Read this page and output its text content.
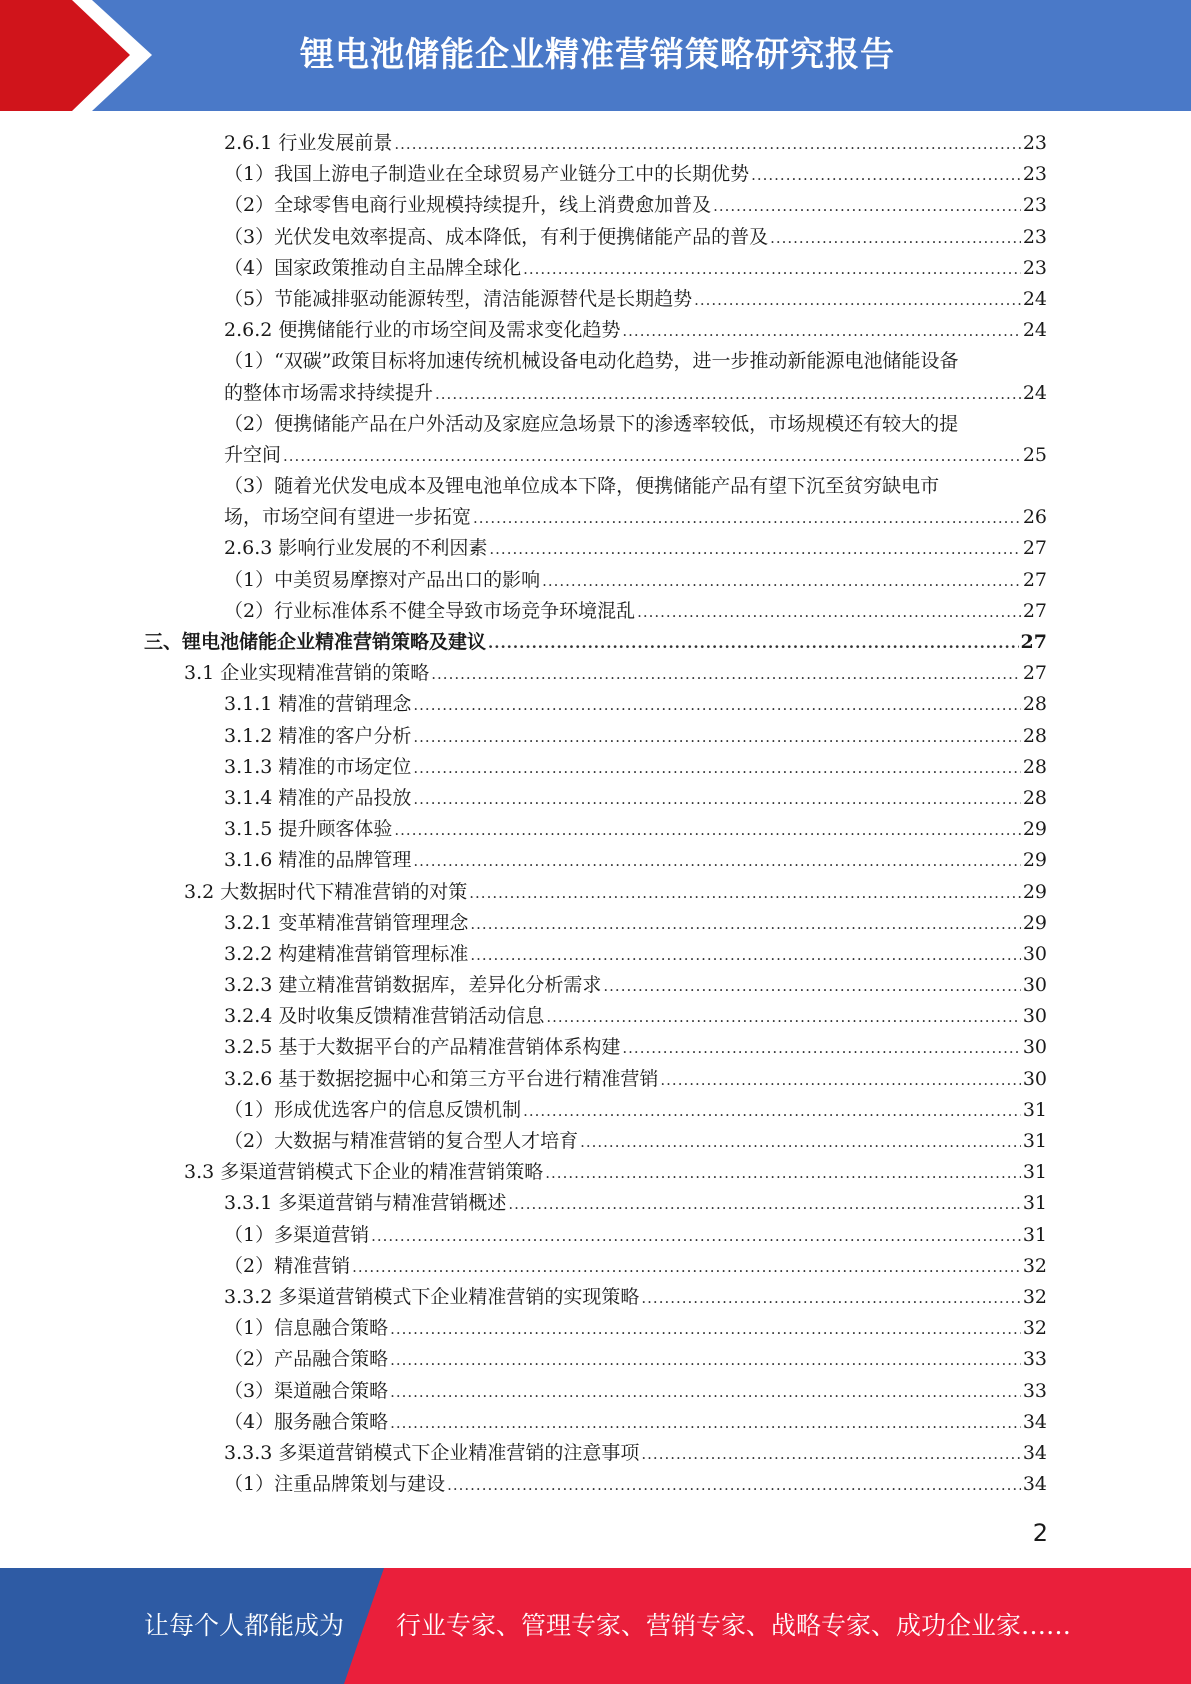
锂电池储能企业精准营销策略研究报告
2.6.1 行业发展前景 .....	23
（1）我国上游电子制造业在全球贸易产业链分工中的长期优势 .....	23
（2）全球零售电商行业规模持续提升，线上消费愈加普及 .....	23
（3）光伏发电效率提高、成本降低，有利于便携储能产品的普及 .....	23
（4）国家政策推动自主品牌全球化 .....	23
（5）节能减排驱动能源转型，清洁能源替代是长期趋势 .....	24
2.6.2 便携储能行业的市场空间及需求变化趋势 .....	24
（1）“双碳”政策目标将加速传统机械设备电动化趋势，进一步推动新能源电池储能设备
的整体市场需求持续提升 .....	24
（2）便携储能产品在户外活动及家庭应急场景下的渗透率较低，市场规模还有较大的提
升空间 .....	25
（3）随着光伏发电成本及锂电池单位成本下降，便携储能产品有望下沉至贫穷缺电市
场，市场空间有望进一步拓宽 .....	26
2.6.3 影响行业发展的不利因素 .....	27
（1）中美贸易摩擦对产品出口的影响 .....	27
（2）行业标准体系不健全导致市场竞争环境混乱 .....	27
三、锂电池储能企业精准营销策略及建议 .....	27
3.1 企业实现精准营销的策略 .....	27
3.1.1 精准的营销理念 .....	28
3.1.2 精准的客户分析 .....	28
3.1.3 精准的市场定位 .....	28
3.1.4 精准的产品投放 .....	28
3.1.5 提升顾客体验 .....	29
3.1.6 精准的品牌管理 .....	29
3.2 大数据时代下精准营销的对策 .....	29
3.2.1 变革精准营销管理理念 .....	29
3.2.2 构建精准营销管理标准 .....	30
3.2.3 建立精准营销数据库，差异化分析需求 .....	30
3.2.4 及时收集反馈精准营销活动信息 .....	30
3.2.5 基于大数据平台的产品精准营销体系构建 .....	30
3.2.6 基于数据挖掘中心和第三方平台进行精准营销 .....	30
（1）形成优选客户的信息反馈机制 .....	31
（2）大数据与精准营销的复合型人才培育 .....	31
3.3 多渠道营销模式下企业的精准营销策略 .....	31
3.3.1 多渠道营销与精准营销概述 .....	31
（1）多渠道营销 .....	31
（2）精准营销 .....	32
3.3.2 多渠道营销模式下企业精准营销的实现策略 .....	32
（1）信息融合策略 .....	32
（2）产品融合策略 .....	33
（3）渠道融合策略 .....	33
（4）服务融合策略 .....	34
3.3.3 多渠道营销模式下企业精准营销的注意事项 .....	34
（1）注重品牌策划与建设 .....	34
2
让每个人都能成为 行业专家、管理专家、营销专家、战略专家、成功企业家……
